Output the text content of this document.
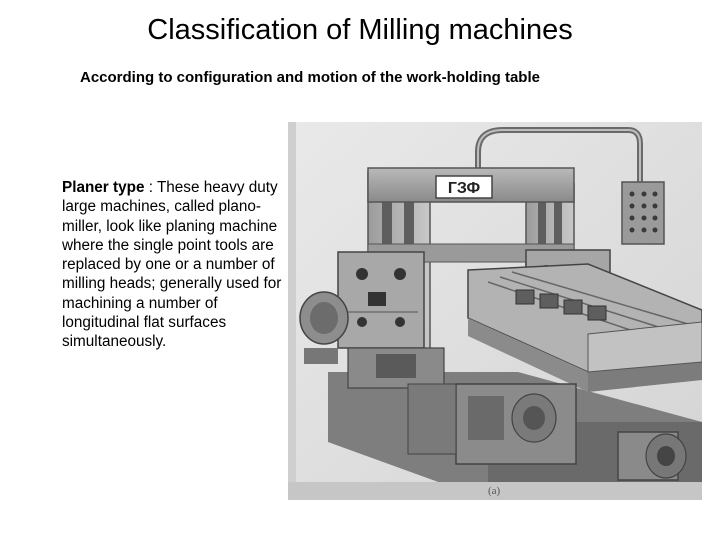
Classification of Milling machines

According to configuration and motion of the work-holding table

Planer type : These heavy duty large machines, called plano-miller, look like planing machine where the single point tools are replaced by one or a number of milling heads; generally used for machining a number of longitudinal flat surfaces simultaneously.

ГЗФ
(a)
